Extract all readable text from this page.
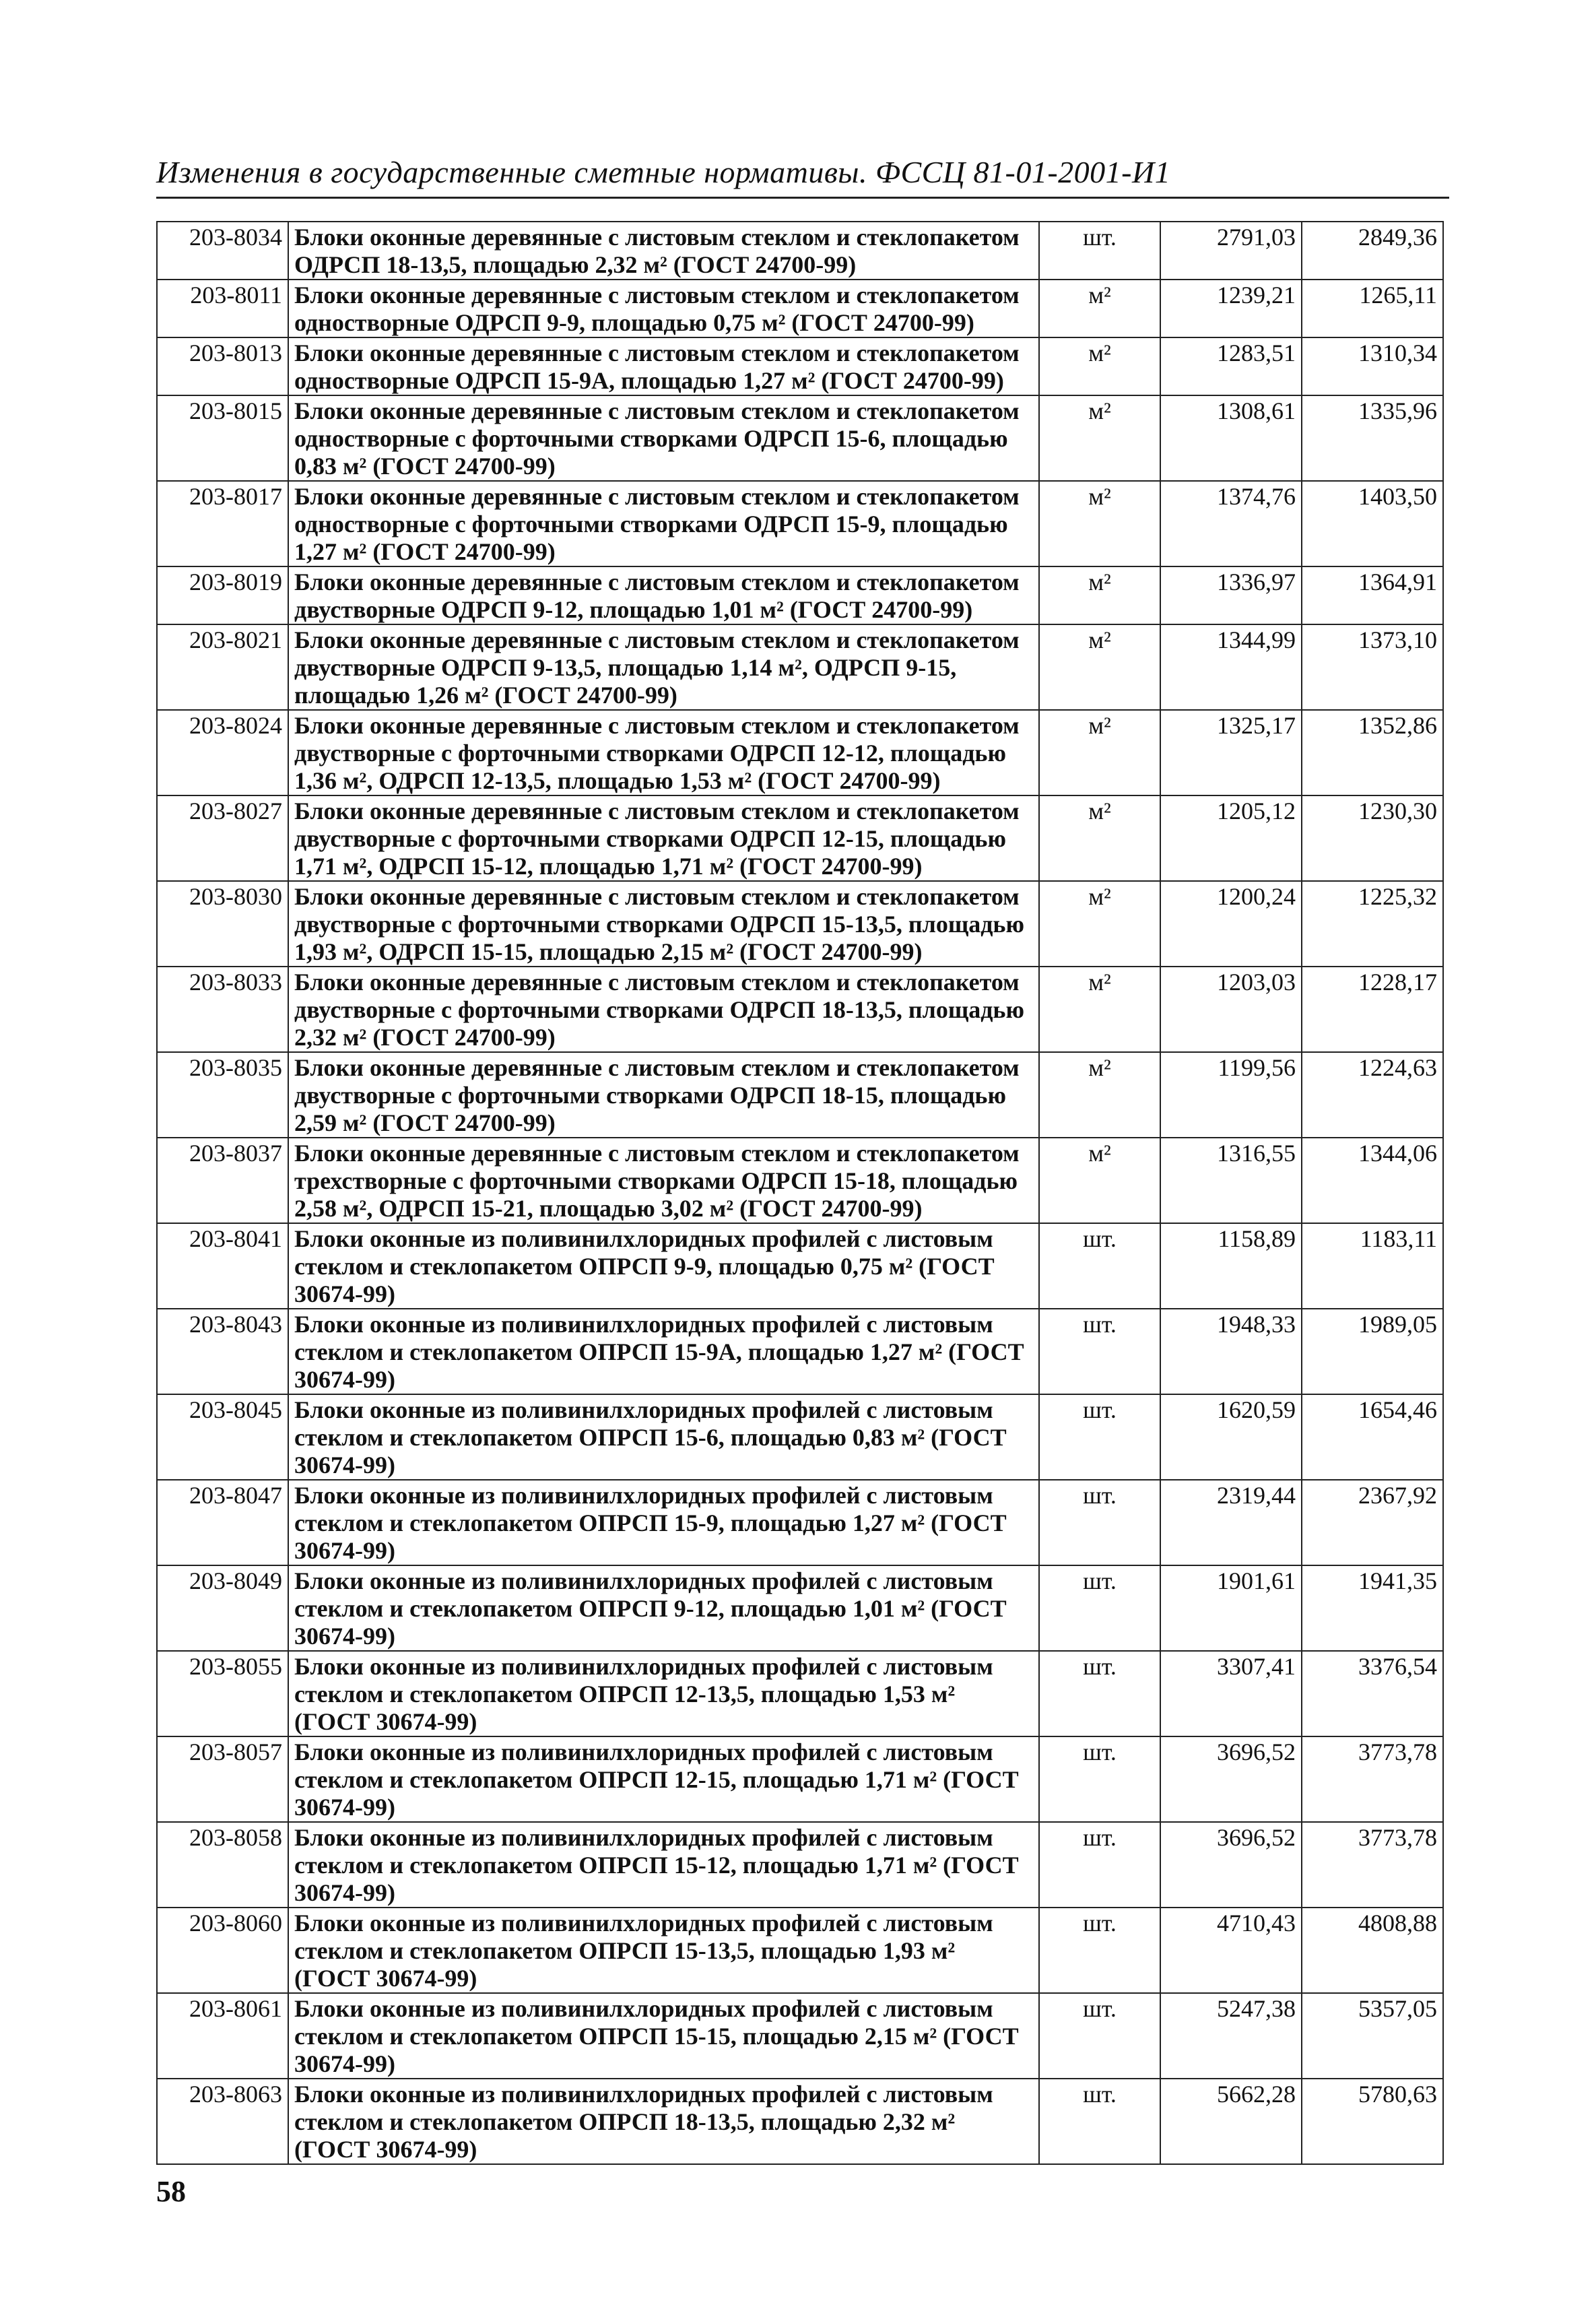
Изменения в государственные сметные нормативы. ФССЦ 81-01-2001-И1
203-8034	Блоки оконные деревянные с листовым стеклом и стеклопакетом ОДРСП 18-13,5, площадью 2,32 м² (ГОСТ 24700-99)	шт.	2791,03	2849,36
203-8011	Блоки оконные деревянные с листовым стеклом и стеклопакетом одностворные ОДРСП 9-9, площадью 0,75 м² (ГОСТ 24700-99)	м²	1239,21	1265,11
203-8013	Блоки оконные деревянные с листовым стеклом и стеклопакетом одностворные ОДРСП 15-9А, площадью 1,27 м² (ГОСТ 24700-99)	м²	1283,51	1310,34
203-8015	Блоки оконные деревянные с листовым стеклом и стеклопакетом одностворные с форточными створками ОДРСП 15-6, площадью 0,83 м² (ГОСТ 24700-99)	м²	1308,61	1335,96
203-8017	Блоки оконные деревянные с листовым стеклом и стеклопакетом одностворные с форточными створками ОДРСП 15-9, площадью 1,27 м² (ГОСТ 24700-99)	м²	1374,76	1403,50
203-8019	Блоки оконные деревянные с листовым стеклом и стеклопакетом двустворные ОДРСП 9-12, площадью 1,01 м² (ГОСТ 24700-99)	м²	1336,97	1364,91
203-8021	Блоки оконные деревянные с листовым стеклом и стеклопакетом двустворные ОДРСП 9-13,5, площадью 1,14 м², ОДРСП 9-15, площадью 1,26 м² (ГОСТ 24700-99)	м²	1344,99	1373,10
203-8024	Блоки оконные деревянные с листовым стеклом и стеклопакетом двустворные с форточными створками ОДРСП 12-12, площадью 1,36 м², ОДРСП 12-13,5, площадью 1,53 м² (ГОСТ 24700-99)	м²	1325,17	1352,86
203-8027	Блоки оконные деревянные с листовым стеклом и стеклопакетом двустворные с форточными створками ОДРСП 12-15, площадью 1,71 м², ОДРСП 15-12, площадью 1,71 м² (ГОСТ 24700-99)	м²	1205,12	1230,30
203-8030	Блоки оконные деревянные с листовым стеклом и стеклопакетом двустворные с форточными створками ОДРСП 15-13,5, площадью 1,93 м², ОДРСП 15-15, площадью 2,15 м² (ГОСТ 24700-99)	м²	1200,24	1225,32
203-8033	Блоки оконные деревянные с листовым стеклом и стеклопакетом двустворные с форточными створками ОДРСП 18-13,5, площадью 2,32 м² (ГОСТ 24700-99)	м²	1203,03	1228,17
203-8035	Блоки оконные деревянные с листовым стеклом и стеклопакетом двустворные с форточными створками ОДРСП 18-15, площадью 2,59 м² (ГОСТ 24700-99)	м²	1199,56	1224,63
203-8037	Блоки оконные деревянные с листовым стеклом и стеклопакетом трехстворные с форточными створками ОДРСП 15-18, площадью 2,58 м², ОДРСП 15-21, площадью 3,02 м² (ГОСТ 24700-99)	м²	1316,55	1344,06
203-8041	Блоки оконные из поливинилхлоридных профилей с листовым стеклом и стеклопакетом ОПРСП 9-9, площадью 0,75 м² (ГОСТ 30674-99)	шт.	1158,89	1183,11
203-8043	Блоки оконные из поливинилхлоридных профилей с листовым стеклом и стеклопакетом ОПРСП 15-9А, площадью 1,27 м² (ГОСТ 30674-99)	шт.	1948,33	1989,05
203-8045	Блоки оконные из поливинилхлоридных профилей с листовым стеклом и стеклопакетом ОПРСП 15-6, площадью 0,83 м² (ГОСТ 30674-99)	шт.	1620,59	1654,46
203-8047	Блоки оконные из поливинилхлоридных профилей с листовым стеклом и стеклопакетом ОПРСП 15-9, площадью 1,27 м² (ГОСТ 30674-99)	шт.	2319,44	2367,92
203-8049	Блоки оконные из поливинилхлоридных профилей с листовым стеклом и стеклопакетом ОПРСП 9-12, площадью 1,01 м² (ГОСТ 30674-99)	шт.	1901,61	1941,35
203-8055	Блоки оконные из поливинилхлоридных профилей с листовым стеклом и стеклопакетом ОПРСП 12-13,5, площадью 1,53 м² (ГОСТ 30674-99)	шт.	3307,41	3376,54
203-8057	Блоки оконные из поливинилхлоридных профилей с листовым стеклом и стеклопакетом ОПРСП 12-15, площадью 1,71 м² (ГОСТ 30674-99)	шт.	3696,52	3773,78
203-8058	Блоки оконные из поливинилхлоридных профилей с листовым стеклом и стеклопакетом ОПРСП 15-12, площадью 1,71 м² (ГОСТ 30674-99)	шт.	3696,52	3773,78
203-8060	Блоки оконные из поливинилхлоридных профилей с листовым стеклом и стеклопакетом ОПРСП 15-13,5, площадью 1,93 м² (ГОСТ 30674-99)	шт.	4710,43	4808,88
203-8061	Блоки оконные из поливинилхлоридных профилей с листовым стеклом и стеклопакетом ОПРСП 15-15, площадью 2,15 м² (ГОСТ 30674-99)	шт.	5247,38	5357,05
203-8063	Блоки оконные из поливинилхлоридных профилей с листовым стеклом и стеклопакетом ОПРСП 18-13,5, площадью 2,32 м² (ГОСТ 30674-99)	шт.	5662,28	5780,63
58
